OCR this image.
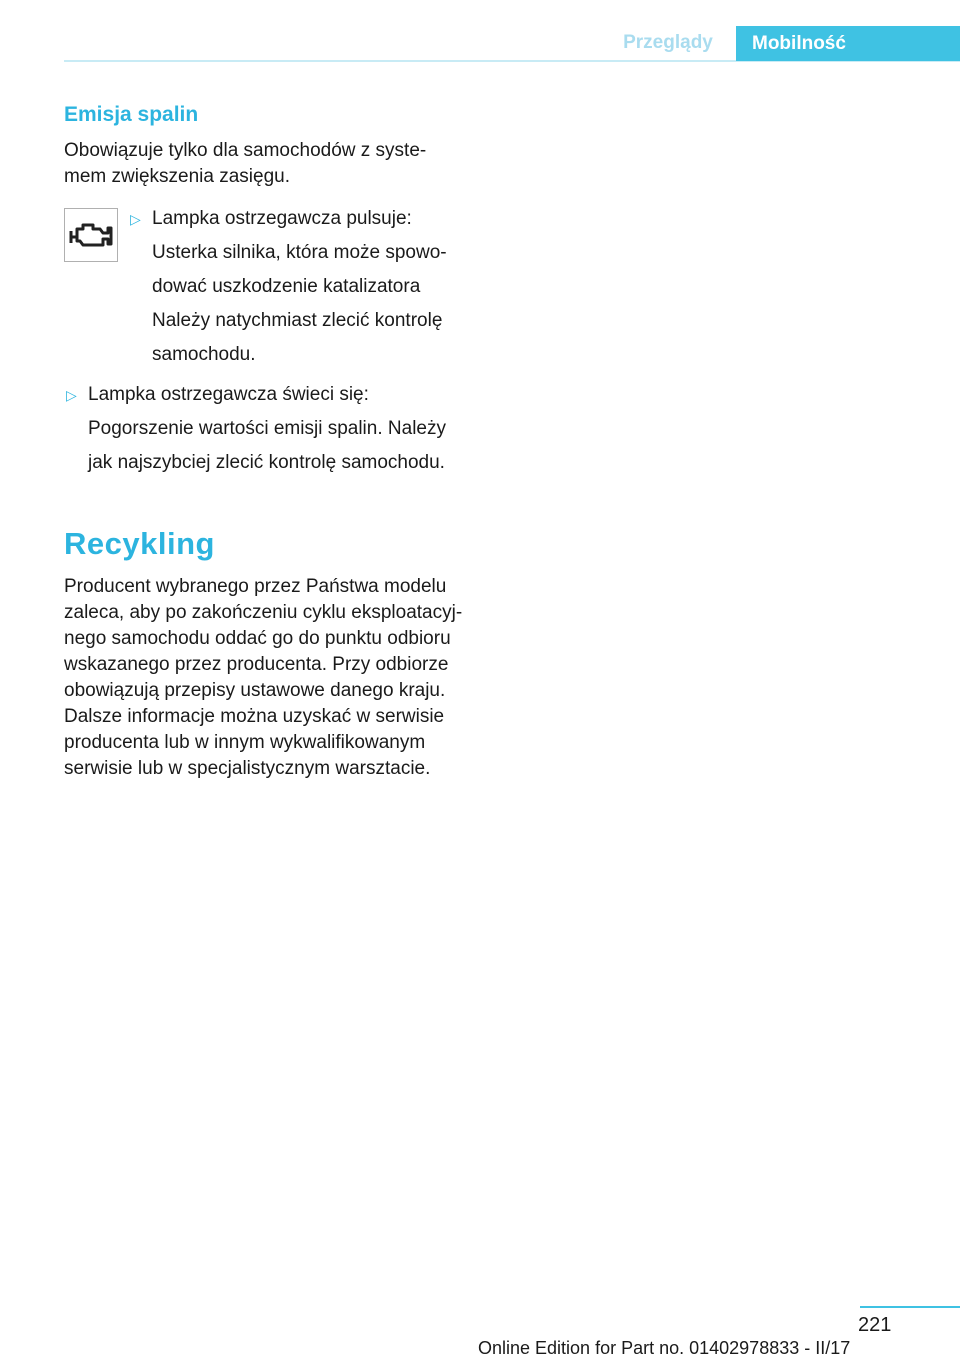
Przeglądy	Mobilność
Emisja spalin
Obowiązuje tylko dla samochodów z syste‐
mem zwiększenia zasięgu.
▷ Lampka ostrzegawcza pulsuje:
Usterka silnika, która może spowo‐
dować uszkodzenie katalizatora
Należy natychmiast zlecić kontrolę
samochodu.
▷ Lampka ostrzegawcza świeci się:
Pogorszenie wartości emisji spalin. Należy
jak najszybciej zlecić kontrolę samochodu.
Recykling
Producent wybranego przez Państwa modelu
zaleca, aby po zakończeniu cyklu eksploatacyj‐
nego samochodu oddać go do punktu odbioru
wskazanego przez producenta. Przy odbiorze
obowiązują przepisy ustawowe danego kraju.
Dalsze informacje można uzyskać w serwisie
producenta lub w innym wykwalifikowanym
serwisie lub w specjalistycznym warsztacie.
221
Online Edition for Part no. 01402978833 - II/17
